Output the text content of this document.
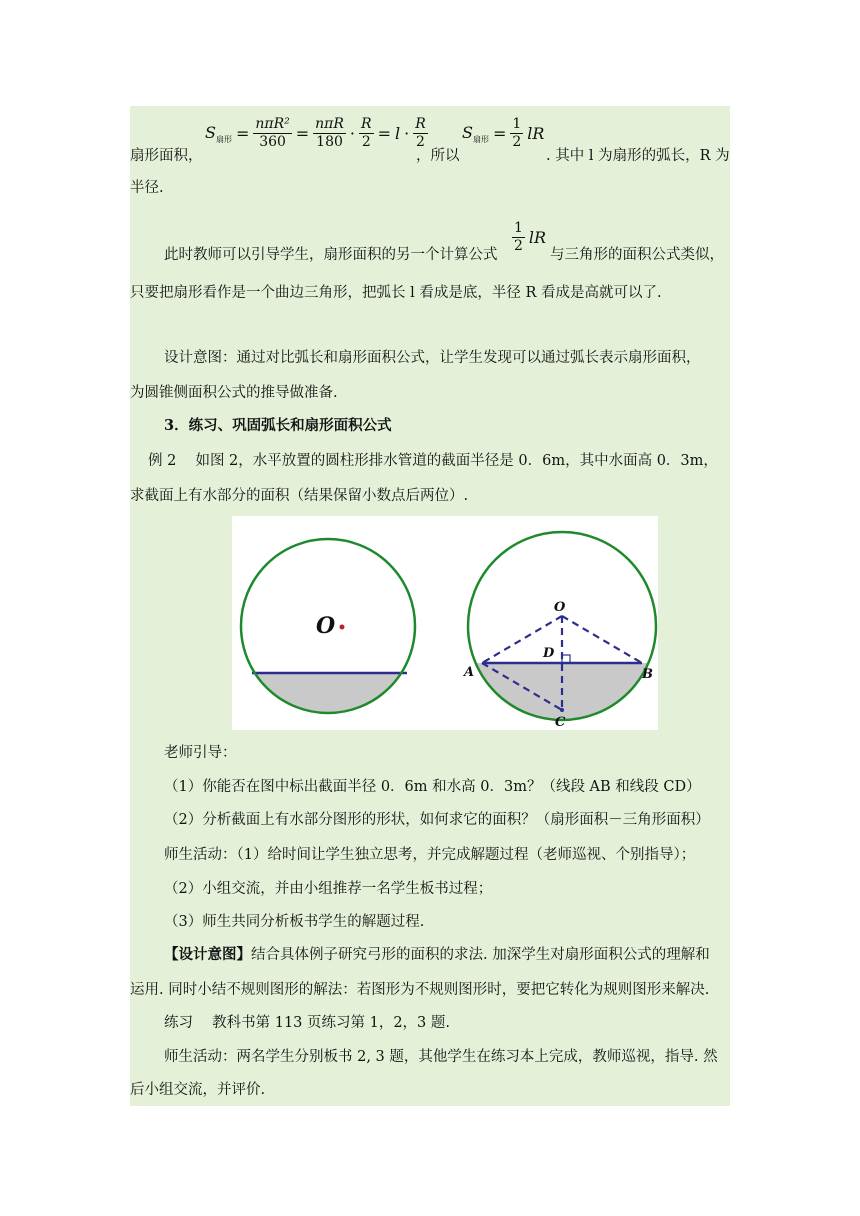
扇形面积，
$S_{扇形} = \frac{\text{nπR²}}{360} = \frac{\text{nπR}}{180} \cdot \frac{R}{2} = l \cdot \frac{R}{2}$
，所以
$S_{扇形} = \frac{1}{2}$ lR
. 其中 l 为扇形的弧长，R 为
半径.
此时教师可以引导学生，扇形面积的另一个计算公式 $\frac{1}{2}$ lR
与三角形的面积公式类似，
只要把扇形看作是一个曲边三角形，把弧长 l 看成是底，半径 R 看成是高就可以了.
设计意图：通过对比弧长和扇形面积公式，让学生发现可以通过弧长表示扇形面积，
为圆锥侧面积公式的推导做准备.
3．练习、巩固弧长和扇形面积公式
例 2　 如图 2，水平放置的圆柱形排水管道的截面半径是 0．6m，其中水面高 0．3m，
求截面上有水部分的面积（结果保留小数点后两位）.
O
O
D
A	B
C
老师引导：
（1）你能否在图中标出截面半径 0．6m 和水高 0．3m？（线段 AB 和线段 CD）
（2）分析截面上有水部分图形的形状，如何求它的面积？（扇形面积－三角形面积）
师生活动：（1）给时间让学生独立思考，并完成解题过程（老师巡视、个别指导）；
（2）小组交流，并由小组推荐一名学生板书过程；
（3）师生共同分析板书学生的解题过程.
【设计意图】结合具体例子研究弓形的面积的求法. 加深学生对扇形面积公式的理解和
运用. 同时小结不规则图形的解法：若图形为不规则图形时，要把它转化为规则图形来解决.
练习　 教科书第 113 页练习第 1，2，3 题.
师生活动：两名学生分别板书 2, 3 题，其他学生在练习本上完成，教师巡视，指导. 然
后小组交流，并评价.
